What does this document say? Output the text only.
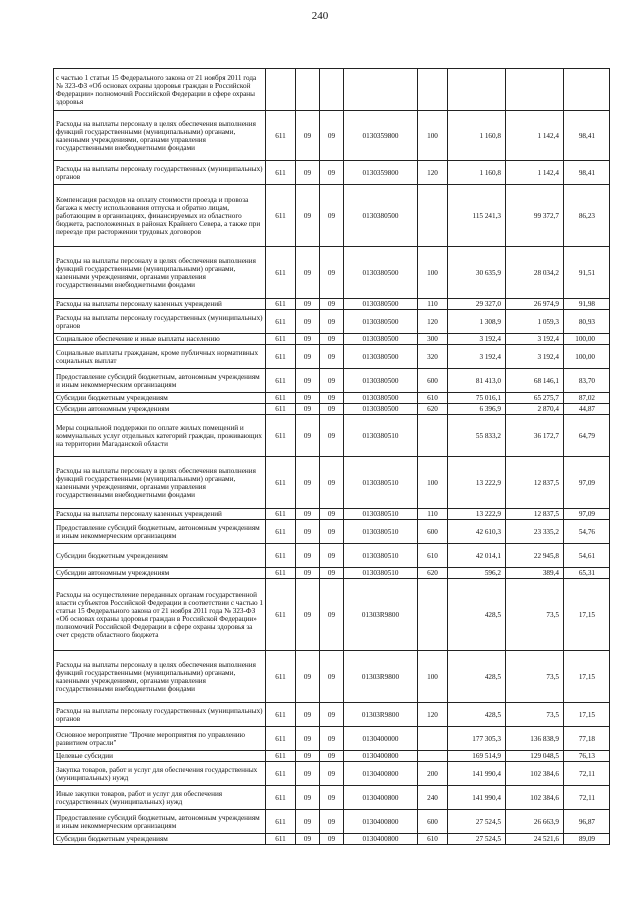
240
с частью 1 статьи 15 Федерального закона от 21 ноября 2011 года № 323-ФЗ «Об основах охраны здоровья граждан в Российской Федерации» полномочий Российской Федерации в сфере охраны здоровья								
Расходы на выплаты персоналу в целях обеспечения выполнения функций государственными (муниципальными) органами, казенными учреждениями, органами управления государственными внебюджетными фондами	611	09	09	0130359800	100	1 160,8	1 142,4	98,41
Расходы на выплаты персоналу государственных (муниципальных) органов	611	09	09	0130359800	120	1 160,8	1 142,4	98,41
Компенсация расходов на оплату стоимости проезда и провоза багажа к месту использования отпуска и обратно лицам, работающим в организациях, финансируемых из областного бюджета, расположенных в районах Крайнего Севера, а также при переезде при расторжении трудовых договоров	611	09	09	0130380500		115 241,3	99 372,7	86,23
Расходы на выплаты персоналу в целях обеспечения выполнения функций государственными (муниципальными) органами, казенными учреждениями, органами управления государственными внебюджетными фондами	611	09	09	0130380500	100	30 635,9	28 034,2	91,51
Расходы на выплаты персоналу казенных учреждений	611	09	09	0130380500	110	29 327,0	26 974,9	91,98
Расходы на выплаты персоналу государственных (муниципальных) органов	611	09	09	0130380500	120	1 308,9	1 059,3	80,93
Социальное обеспечение и иные выплаты населению	611	09	09	0130380500	300	3 192,4	3 192,4	100,00
Социальные выплаты гражданам, кроме публичных нормативных социальных выплат	611	09	09	0130380500	320	3 192,4	3 192,4	100,00
Предоставление субсидий бюджетным, автономным учреждениям и иным некоммерческим организациям	611	09	09	0130380500	600	81 413,0	68 146,1	83,70
Субсидии бюджетным учреждениям	611	09	09	0130380500	610	75 016,1	65 275,7	87,02
Субсидии автономным учреждениям	611	09	09	0130380500	620	6 396,9	2 870,4	44,87
Меры социальной поддержки по оплате жилых помещений и коммунальных услуг отдельных категорий граждан, проживающих на территории Магаданской области	611	09	09	0130380510		55 833,2	36 172,7	64,79
Расходы на выплаты персоналу в целях обеспечения выполнения функций государственными (муниципальными) органами, казенными учреждениями, органами управления государственными внебюджетными фондами	611	09	09	0130380510	100	13 222,9	12 837,5	97,09
Расходы на выплаты персоналу казенных учреждений	611	09	09	0130380510	110	13 222,9	12 837,5	97,09
Предоставление субсидий бюджетным, автономным учреждениям и иным некоммерческим организациям	611	09	09	0130380510	600	42 610,3	23 335,2	54,76
Субсидии бюджетным учреждениям	611	09	09	0130380510	610	42 014,1	22 945,8	54,61
Субсидии автономным учреждениям	611	09	09	0130380510	620	596,2	389,4	65,31
Расходы на осуществление переданных органам государственной власти субъектов Российской Федерации в соответствии с частью 1 статьи 15 Федерального закона от 21 ноября 2011 года № 323-ФЗ «Об основах охраны здоровья граждан в Российской Федерации» полномочий Российской Федерации в сфере охраны здоровья за счет средств областного бюджета	611	09	09	01303R9800		428,5	73,5	17,15
Расходы на выплаты персоналу в целях обеспечения выполнения функций государственными (муниципальными) органами, казенными учреждениями, органами управления государственными внебюджетными фондами	611	09	09	01303R9800	100	428,5	73,5	17,15
Расходы на выплаты персоналу государственных (муниципальных) органов	611	09	09	01303R9800	120	428,5	73,5	17,15
Основное мероприятие "Прочие мероприятия по управлению развитием отрасли"	611	09	09	0130400000		177 305,3	136 838,9	77,18
Целевые субсидии	611	09	09	0130400800		169 514,9	129 048,5	76,13
Закупка товаров, работ и услуг для обеспечения государственных (муниципальных) нужд	611	09	09	0130400800	200	141 990,4	102 384,6	72,11
Иные закупки товаров, работ и услуг для обеспечения государственных (муниципальных) нужд	611	09	09	0130400800	240	141 990,4	102 384,6	72,11
Предоставление субсидий бюджетным, автономным учреждениям и иным некоммерческим организациям	611	09	09	0130400800	600	27 524,5	26 663,9	96,87
Субсидии бюджетным учреждениям	611	09	09	0130400800	610	27 524,5	24 521,6	89,09
